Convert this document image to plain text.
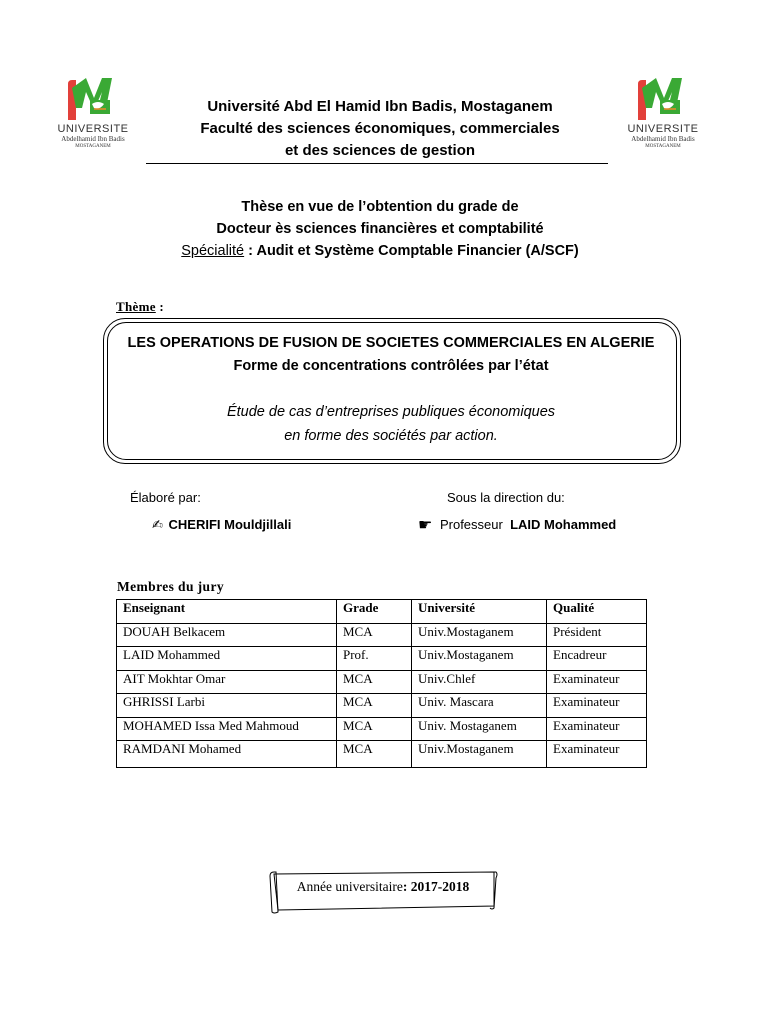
UNIVERSITE
Abdelhamid Ibn Badis
MOSTAGANEM
UNIVERSITE
Abdelhamid Ibn Badis
MOSTAGANEM
Université Abd El Hamid Ibn Badis, Mostaganem
Faculté des sciences économiques, commerciales
et des sciences de gestion
Thèse en vue de l’obtention du grade de
Docteur ès sciences financières et comptabilité
Spécialité : Audit et Système Comptable Financier (A/SCF)
Thème :
LES OPERATIONS DE FUSION DE SOCIETES COMMERCIALES EN ALGERIE
Forme de concentrations contrôlées par l’état
Étude de cas d’entreprises publiques économiques
en forme des sociétés par action.
Élaboré par:	Sous la direction du:
✍ CHERIFI Mouldjillali	☛ Professeur LAID Mohammed
Membres du jury
Enseignant	Grade	Université	Qualité
DOUAH Belkacem	MCA	Univ.Mostaganem	Président
LAID Mohammed	Prof.	Univ.Mostaganem	Encadreur
AIT Mokhtar Omar	MCA	Univ.Chlef	Examinateur
GHRISSI Larbi	MCA	Univ. Mascara	Examinateur
MOHAMED Issa Med Mahmoud	MCA	Univ. Mostaganem	Examinateur
RAMDANI Mohamed	MCA	Univ.Mostaganem	Examinateur
Année universitaire: 2017-2018
